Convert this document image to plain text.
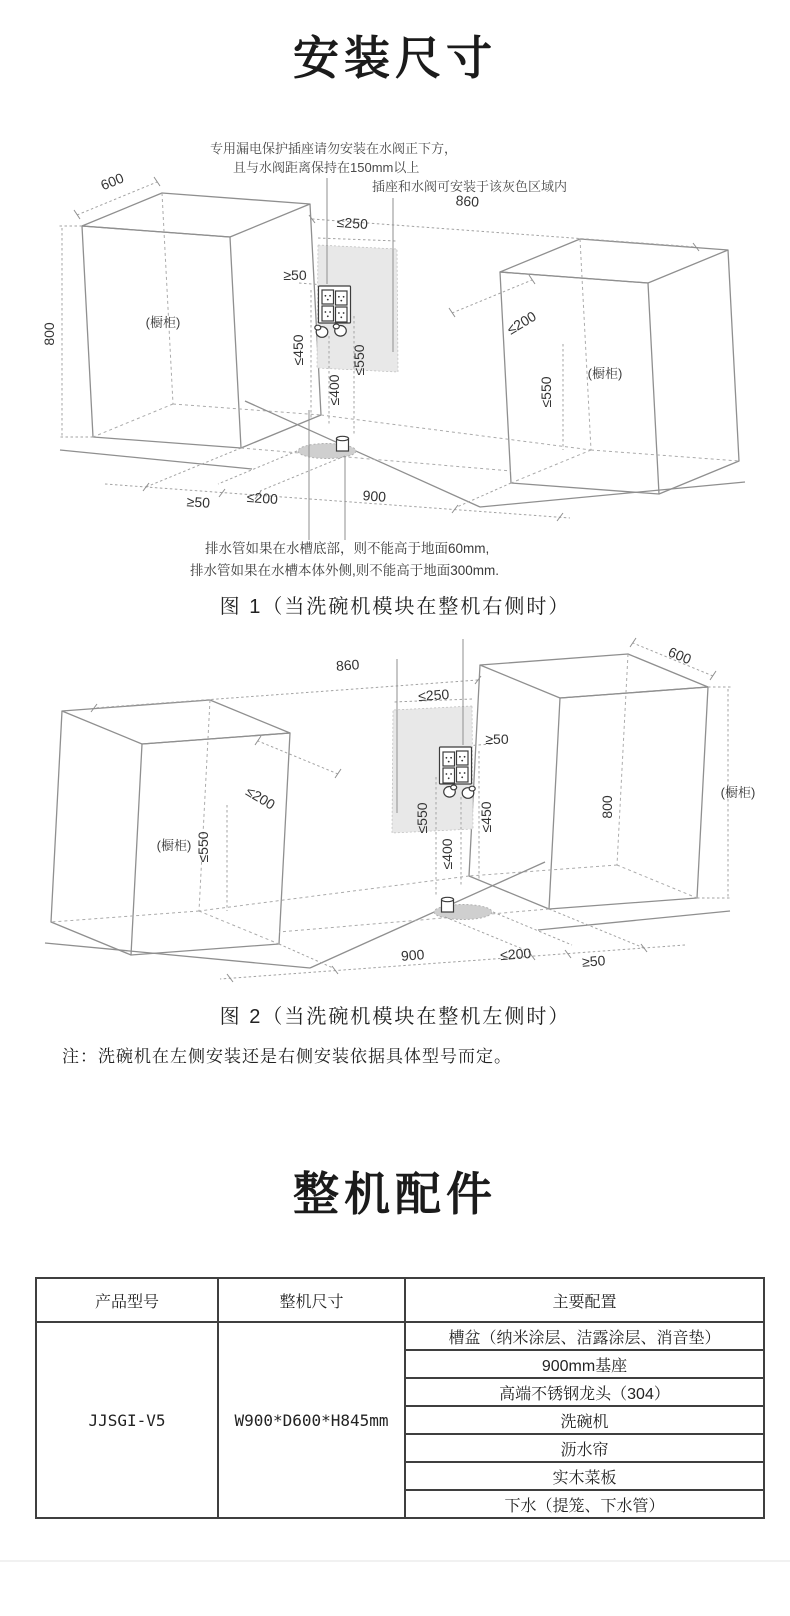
安装尺寸
专用漏电保护插座请勿安装在水阀正下方，
且与水阀距离保持在150mm以上
插座和水阀可安装于该灰色区域内
600
800	(橱柜)
860
≤250
≥50
≤450
≤400
≤550
≤200
≤550
(橱柜)
≥50	≤200	900
排水管如果在水槽底部，则不能高于地面60mm,
排水管如果在水槽本体外侧,则不能高于地面300mm.
图 1（当洗碗机模块在整机右侧时）
860	600
(橱柜)
800
≤250
≥50
≤450
≤550
≤400
≤200
≤550
(橱柜)
900	≤200	≥50
图 2（当洗碗机模块在整机左侧时）
注：洗碗机在左侧安装还是右侧安装依据具体型号而定。
整机配件
产品型号	整机尺寸	主要配置
JJSGI-V5	W900*D600*H845mm	槽盆（纳米涂层、洁露涂层、消音垫）
		900mm基座
		高端不锈钢龙头（304）
		洗碗机
		沥水帘
		实木菜板
		下水（提笼、下水管）
